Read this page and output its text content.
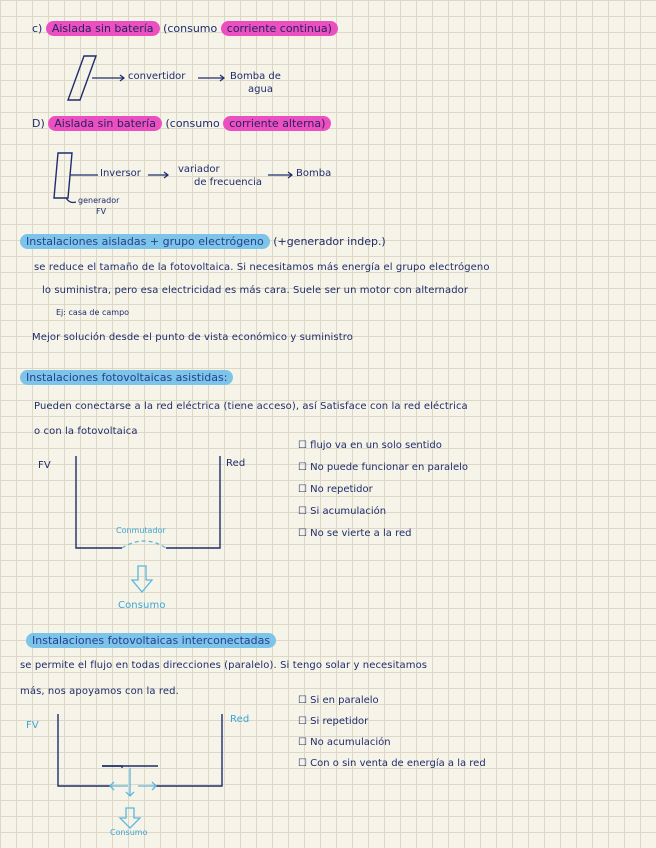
c) Aislada sin batería (consumo corriente continua)
convertidor	Bomba de
agua
D) Aislada sin batería (consumo corriente alterna)
Inversor	variador
de frecuencia
Bomba
generador
FV
Instalaciones aisladas + grupo electrógeno (+generador indep.)
se reduce el tamaño de la fotovoltaica. Si necesitamos más energía el grupo electrógeno
lo suministra, pero esa electricidad es más cara. Suele ser un motor con alternador
Ej: casa de campo
Mejor solución desde el punto de vista económico y suministro
Instalaciones fotovoltaicas asistidas:
Pueden conectarse a la red eléctrica (tiene acceso), así Satisface con la red eléctrica
o con la fotovoltaica
FV	Red
Conmutador
Consumo
☐ flujo va en un solo sentido
☐ No puede funcionar en paralelo
☐ No repetidor
☐ Si acumulación
☐ No se vierte a la red
Instalaciones fotovoltaicas interconectadas
se permite el flujo en todas direcciones (paralelo). Si tengo solar y necesitamos
más, nos apoyamos con la red.
FV
Red
Consumo
☐ Si en paralelo
☐ Si repetidor
☐ No acumulación
☐ Con o sin venta de energía a la red
